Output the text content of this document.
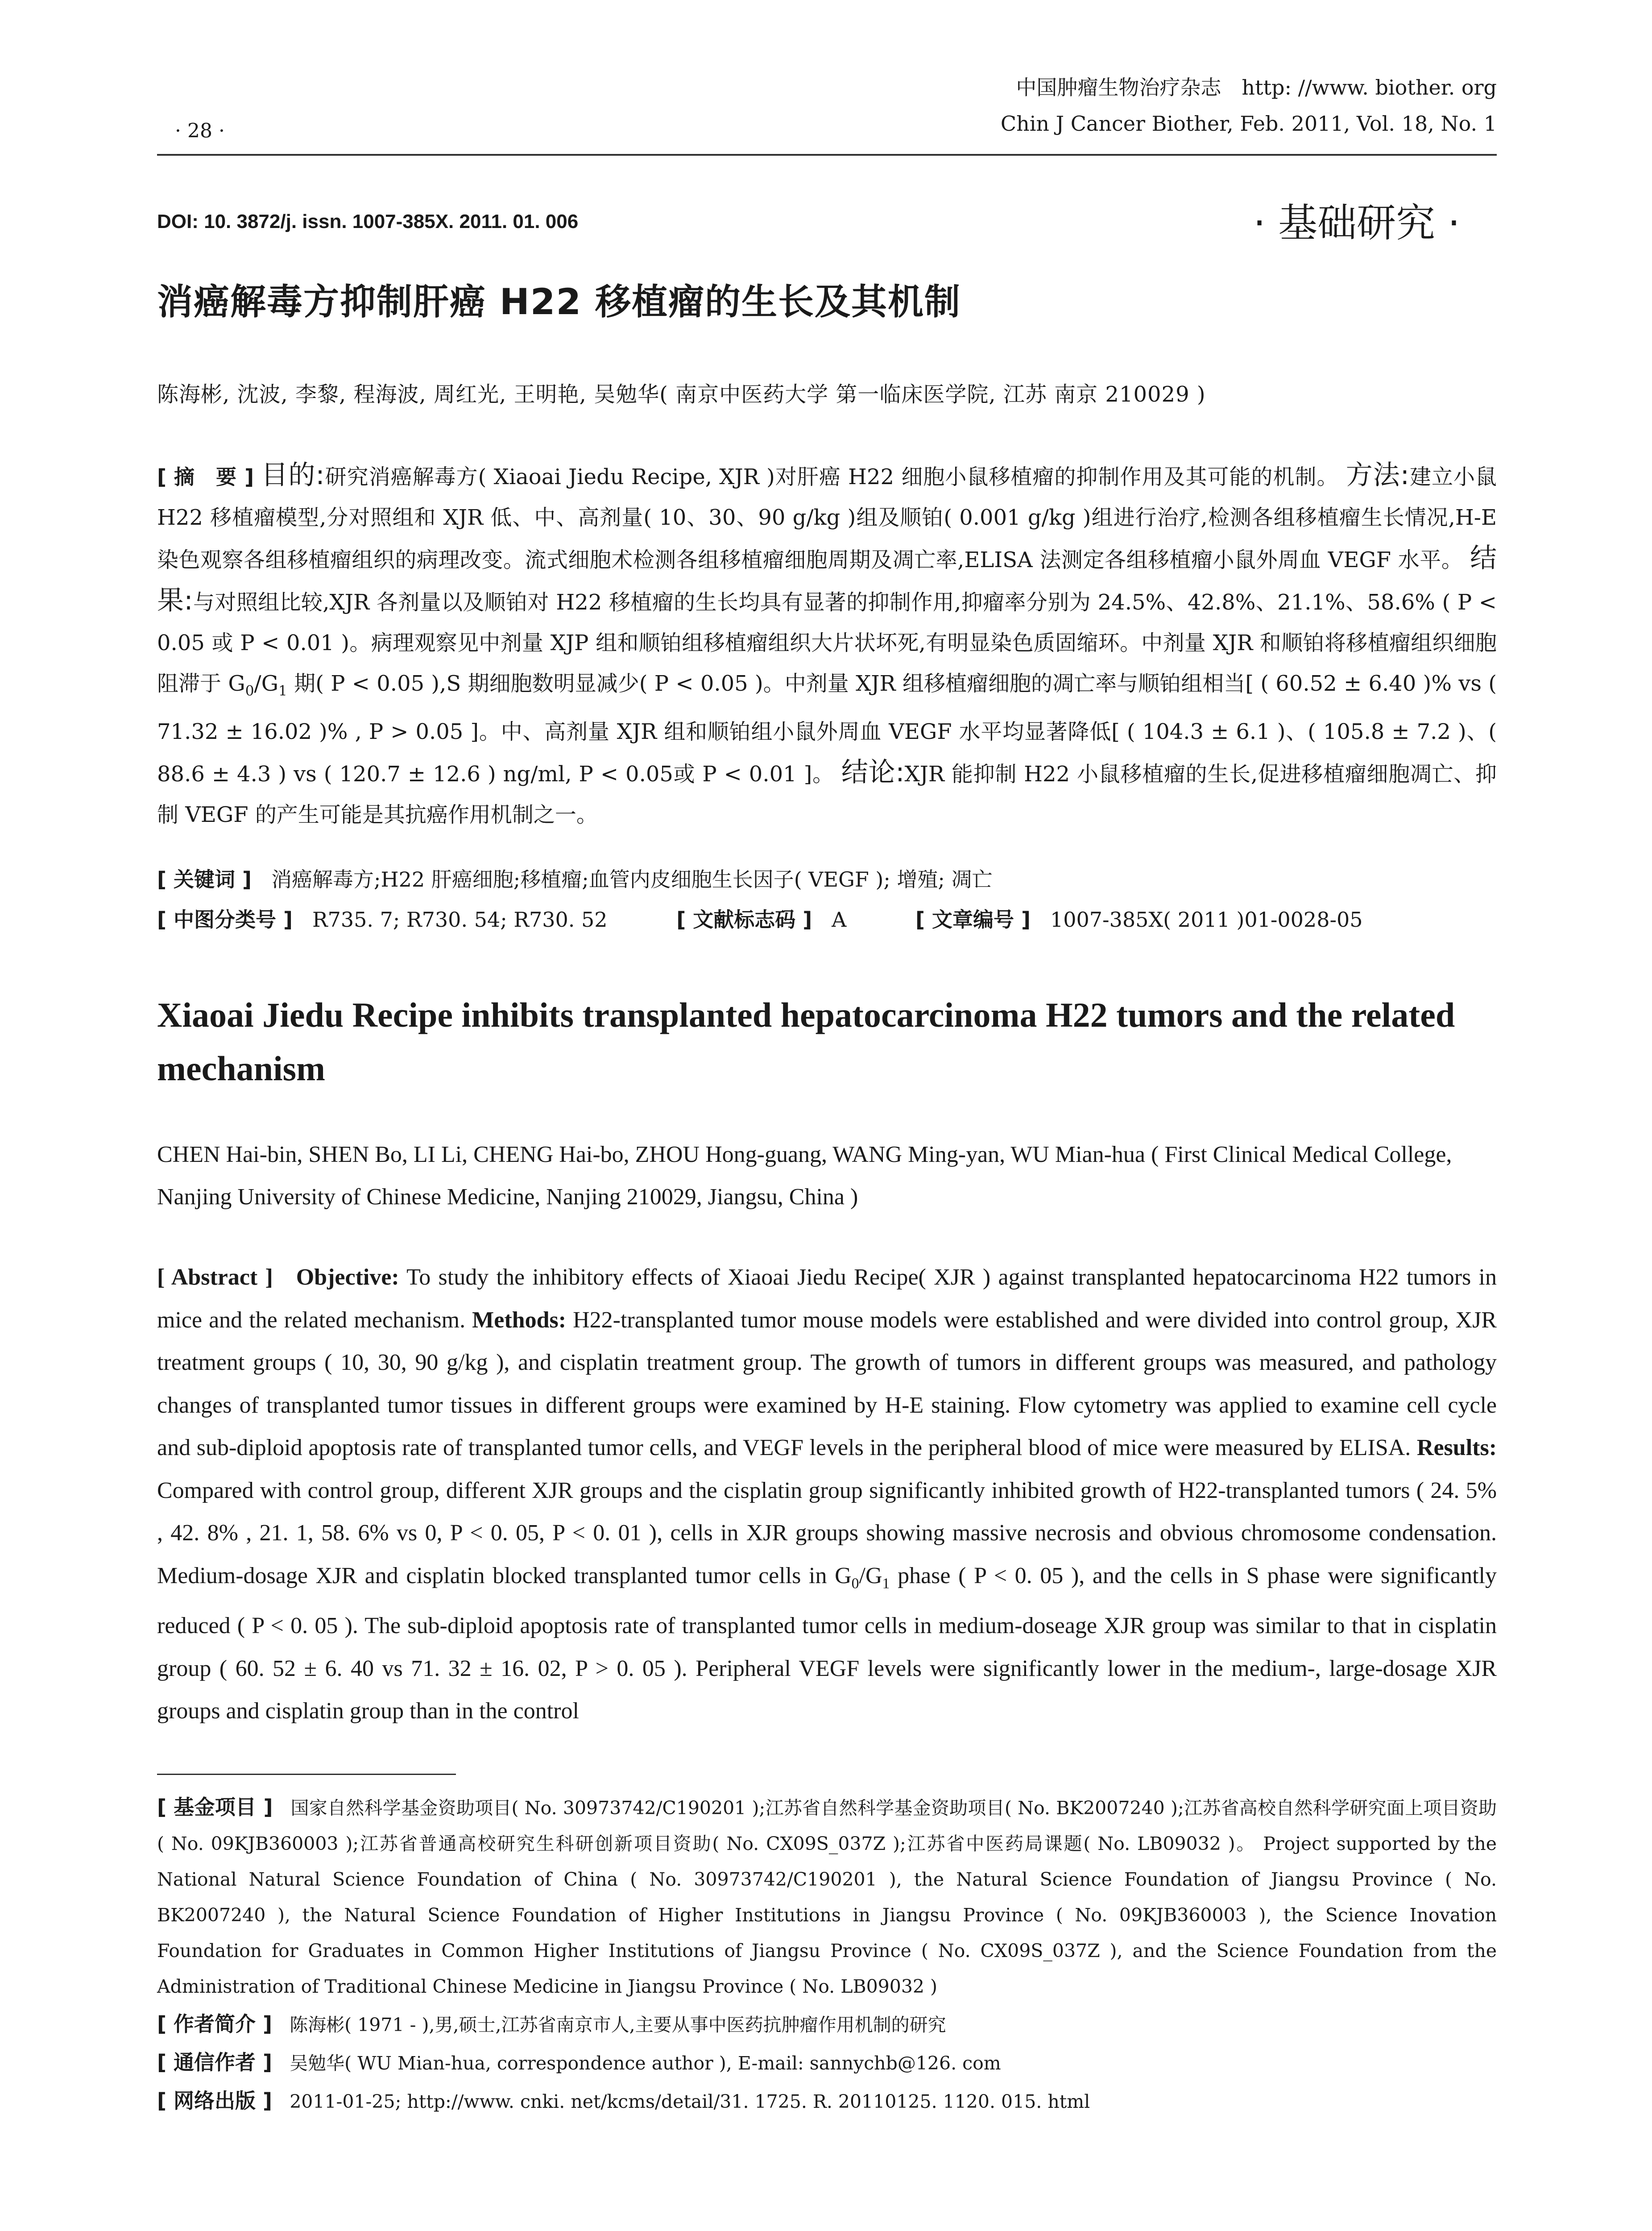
· 28 ·
中国肿瘤生物治疗杂志　http: //www. biother. org
Chin J Cancer Biother, Feb. 2011, Vol. 18, No. 1
DOI: 10. 3872/j. issn. 1007-385X. 2011. 01. 006	· 基础研究 ·
消癌解毒方抑制肝癌 H22 移植瘤的生长及其机制
陈海彬, 沈波, 李黎, 程海波, 周红光, 王明艳, 吴勉华( 南京中医药大学 第一临床医学院, 江苏 南京 210029 )
[ 摘　要 ] 目的:研究消癌解毒方( Xiaoai Jiedu Recipe, XJR )对肝癌 H22 细胞小鼠移植瘤的抑制作用及其可能的机制。 方法:建立小鼠 H22 移植瘤模型,分对照组和 XJR 低、中、高剂量( 10、30、90 g/kg )组及顺铂( 0.001 g/kg )组进行治疗,检测各组移植瘤生长情况,H-E 染色观察各组移植瘤组织的病理改变。流式细胞术检测各组移植瘤细胞周期及凋亡率,ELISA 法测定各组移植瘤小鼠外周血 VEGF 水平。 结果:与对照组比较,XJR 各剂量以及顺铂对 H22 移植瘤的生长均具有显著的抑制作用,抑瘤率分别为 24.5%、42.8%、21.1%、58.6% ( P < 0.05 或 P < 0.01 )。病理观察见中剂量 XJP 组和顺铂组移植瘤组织大片状坏死,有明显染色质固缩环。中剂量 XJR 和顺铂将移植瘤组织细胞阻滞于 $G_0/G_1$ 期( P < 0.05 ),S 期细胞数明显减少( P < 0.05 )。中剂量 XJR 组移植瘤细胞的凋亡率与顺铂组相当[ ( 60.52 ± 6.40 )% vs ( 71.32 ± 16.02 )% , P > 0.05 ]。中、高剂量 XJR 组和顺铂组小鼠外周血 VEGF 水平均显著降低[ ( 104.3 ± 6.1 )、( 105.8 ± 7.2 )、( 88.6 ± 4.3 ) vs ( 120.7 ± 12.6 ) ng/ml, P < 0.05或 P < 0.01 ]。 结论:XJR 能抑制 H22 小鼠移植瘤的生长,促进移植瘤细胞凋亡、抑制 VEGF 的产生可能是其抗癌作用机制之一。
[ 关键词 ] 消癌解毒方;H22 肝癌细胞;移植瘤;血管内皮细胞生长因子( VEGF ); 增殖; 凋亡
[ 中图分类号 ] R735. 7; R730. 54; R730. 52	[ 文献标志码 ] A	[ 文章编号 ] 1007-385X( 2011 )01-0028-05
Xiaoai Jiedu Recipe inhibits transplanted hepatocarcinoma H22 tumors and the related mechanism
CHEN Hai-bin, SHEN Bo, LI Li, CHENG Hai-bo, ZHOU Hong-guang, WANG Ming-yan, WU Mian-hua ( First Clinical Medical College, Nanjing University of Chinese Medicine, Nanjing 210029, Jiangsu, China )
[ Abstract ] Objective: To study the inhibitory effects of Xiaoai Jiedu Recipe( XJR ) against transplanted hepatocarcinoma H22 tumors in mice and the related mechanism. Methods: H22-transplanted tumor mouse models were established and were divided into control group, XJR treatment groups ( 10, 30, 90 g/kg ), and cisplatin treatment group. The growth of tumors in different groups was measured, and pathology changes of transplanted tumor tissues in different groups were examined by H-E staining. Flow cytometry was applied to examine cell cycle and sub-diploid apoptosis rate of transplanted tumor cells, and VEGF levels in the peripheral blood of mice were measured by ELISA. Results: Compared with control group, different XJR groups and the cisplatin group significantly inhibited growth of H22-transplanted tumors ( 24. 5% , 42. 8% , 21. 1, 58. 6% vs 0, P < 0. 05, P < 0. 01 ), cells in XJR groups showing massive necrosis and obvious chromosome condensation. Medium-dosage XJR and cisplatin blocked transplanted tumor cells in $G_0/G_1$ phase ( P < 0. 05 ), and the cells in S phase were significantly reduced ( P < 0. 05 ). The sub-diploid apoptosis rate of transplanted tumor cells in medium-doseage XJR group was similar to that in cisplatin group ( 60. 52 ± 6. 40 vs 71. 32 ± 16. 02, P > 0. 05 ). Peripheral VEGF levels were significantly lower in the medium-, large-dosage XJR groups and cisplatin group than in the control

[ 基金项目 ] 国家自然科学基金资助项目( No. 30973742/C190201 );江苏省自然科学基金资助项目( No. BK2007240 );江苏省高校自然科学研究面上项目资助( No. 09KJB360003 );江苏省普通高校研究生科研创新项目资助( No. CX09S_037Z );江苏省中医药局课题( No. LB09032 )。 Project supported by the National Natural Science Foundation of China ( No. 30973742/C190201 ), the Natural Science Foundation of Jiangsu Province ( No. BK2007240 ), the Natural Science Foundation of Higher Institutions in Jiangsu Province ( No. 09KJB360003 ), the Science Inovation Foundation for Graduates in Common Higher Institutions of Jiangsu Province ( No. CX09S_037Z ), and the Science Foundation from the Administration of Traditional Chinese Medicine in Jiangsu Province ( No. LB09032 )

[ 作者简介 ] 陈海彬( 1971 - ),男,硕士,江苏省南京市人,主要从事中医药抗肿瘤作用机制的研究

[ 通信作者 ] 吴勉华( WU Mian-hua, correspondence author ), E-mail: sannychb@126. com

[ 网络出版 ] 2011-01-25; http://www. cnki. net/kcms/detail/31. 1725. R. 20110125. 1120. 015. html
